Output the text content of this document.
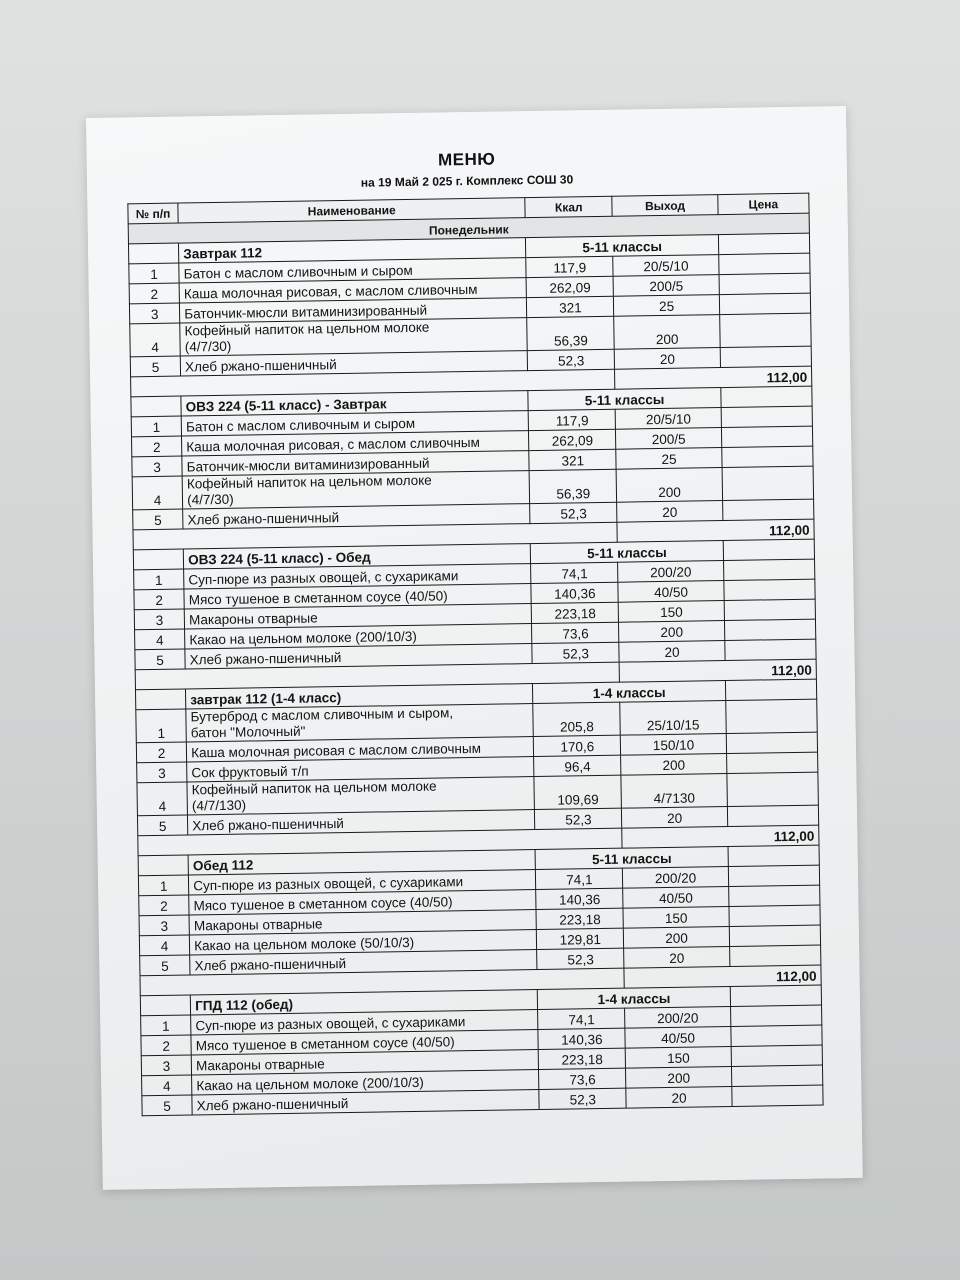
МЕНЮ
на 19 Май 2 025 г. Комплекс СОШ 30
№ п/п	Наименование	Ккал	Выход	Цена
Понедельник				
	Завтрак 112	5-11 классы		
1	Батон с маслом сливочным и сыром	117,9	20/5/10	
2	Каша молочная рисовая, с маслом сливочным	262,09	200/5	
3	Батончик-мюсли витаминизированный	321	25	
4	Кофейный напиток на цельном молоке
(4/7/30)	56,39	200	
5	Хлеб ржано-пшеничный	52,3	20	
			112,00	
	ОВЗ 224 (5-11 класс) - Завтрак	5-11 классы		
1	Батон с маслом сливочным и сыром	117,9	20/5/10	
2	Каша молочная рисовая, с маслом сливочным	262,09	200/5	
3	Батончик-мюсли витаминизированный	321	25	
4	Кофейный напиток на цельном молоке
(4/7/30)	56,39	200	
5	Хлеб ржано-пшеничный	52,3	20	
			112,00	
	ОВЗ 224 (5-11 класс) - Обед	5-11 классы		
1	Суп-пюре из разных овощей, с сухариками	74,1	200/20	
2	Мясо тушеное в сметанном соусе (40/50)	140,36	40/50	
3	Макароны отварные	223,18	150	
4	Какао на цельном молоке (200/10/3)	73,6	200	
5	Хлеб ржано-пшеничный	52,3	20	
			112,00	
	завтрак 112 (1-4 класс)	1-4 классы		
1	Бутерброд с маслом сливочным и сыром,
батон "Молочный"	205,8	25/10/15	
2	Каша молочная рисовая с маслом сливочным	170,6	150/10	
3	Сок фруктовый т/п	96,4	200	
4	Кофейный напиток на цельном молоке
(4/7/130)	109,69	4/7130	
5	Хлеб ржано-пшеничный	52,3	20	
			112,00	
	Обед 112	5-11 классы		
1	Суп-пюре из разных овощей, с сухариками	74,1	200/20	
2	Мясо тушеное в сметанном соусе (40/50)	140,36	40/50	
3	Макароны отварные	223,18	150	
4	Какао на цельном молоке (50/10/3)	129,81	200	
5	Хлеб ржано-пшеничный	52,3	20	
			112,00	
	ГПД 112 (обед)	1-4 классы		
1	Суп-пюре из разных овощей, с сухариками	74,1	200/20	
2	Мясо тушеное в сметанном соусе (40/50)	140,36	40/50	
3	Макароны отварные	223,18	150	
4	Какао на цельном молоке (200/10/3)	73,6	200	
5	Хлеб ржано-пшеничный	52,3	20	
